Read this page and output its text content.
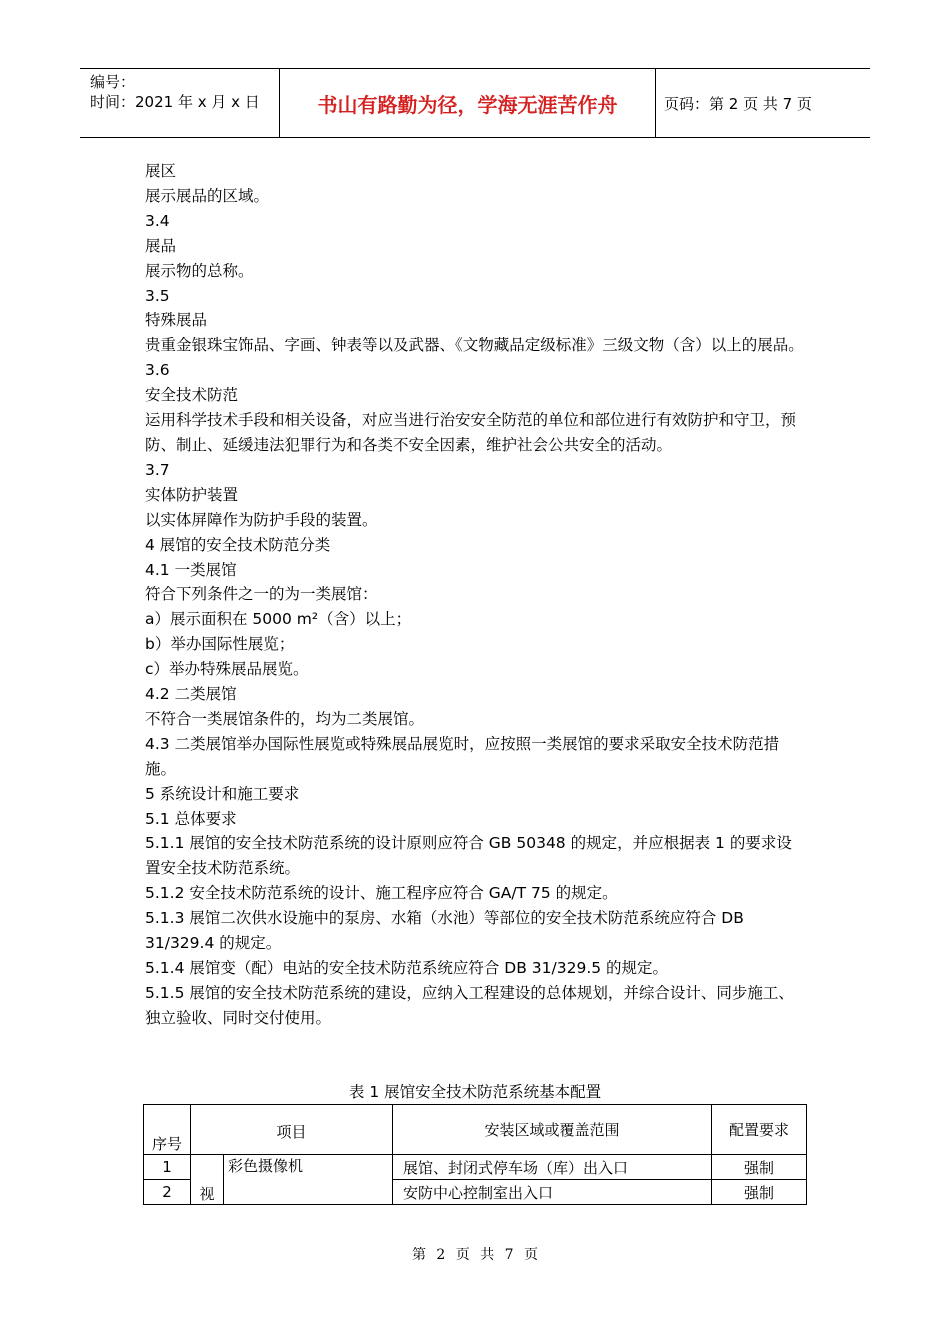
编号：
时间：2021 年 x 月 x 日	书山有路勤为径，学海无涯苦作舟	页码：第 2 页 共 7 页

展区

展示展品的区域。

3.4

展品

展示物的总称。

3.5

特殊展品

贵重金银珠宝饰品、字画、钟表等以及武器、《文物藏品定级标准》三级文物（含）以上的展品。

3.6

安全技术防范

运用科学技术手段和相关设备，对应当进行治安安全防范的单位和部位进行有效防护和守卫，预防、制止、延缓违法犯罪行为和各类不安全因素，维护社会公共安全的活动。

3.7

实体防护装置

以实体屏障作为防护手段的装置。

4 展馆的安全技术防范分类

4.1 一类展馆

符合下列条件之一的为一类展馆：

a）展示面积在 5000 m²（含）以上；

b）举办国际性展览；

c）举办特殊展品展览。

4.2 二类展馆

不符合一类展馆条件的，均为二类展馆。

4.3 二类展馆举办国际性展览或特殊展品展览时，应按照一类展馆的要求采取安全技术防范措施。

5 系统设计和施工要求

5.1 总体要求

5.1.1 展馆的安全技术防范系统的设计原则应符合 GB 50348 的规定，并应根据表 1 的要求设置安全技术防范系统。

5.1.2 安全技术防范系统的设计、施工程序应符合 GA/T 75 的规定。

5.1.3 展馆二次供水设施中的泵房、水箱（水池）等部位的安全技术防范系统应符合 DB 31/329.4 的规定。

5.1.4 展馆变（配）电站的安全技术防范系统应符合 DB 31/329.5 的规定。

5.1.5 展馆的安全技术防范系统的建设，应纳入工程建设的总体规划，并综合设计、同步施工、独立验收、同时交付使用。

表 1 展馆安全技术防范系统基本配置
序号	项目		安装区域或覆盖范围	配置要求
1	视	彩色摄像机	展馆、封闭式停车场（库）出入口	强制
2			安防中心控制室出入口	强制
第 2 页 共 7 页
